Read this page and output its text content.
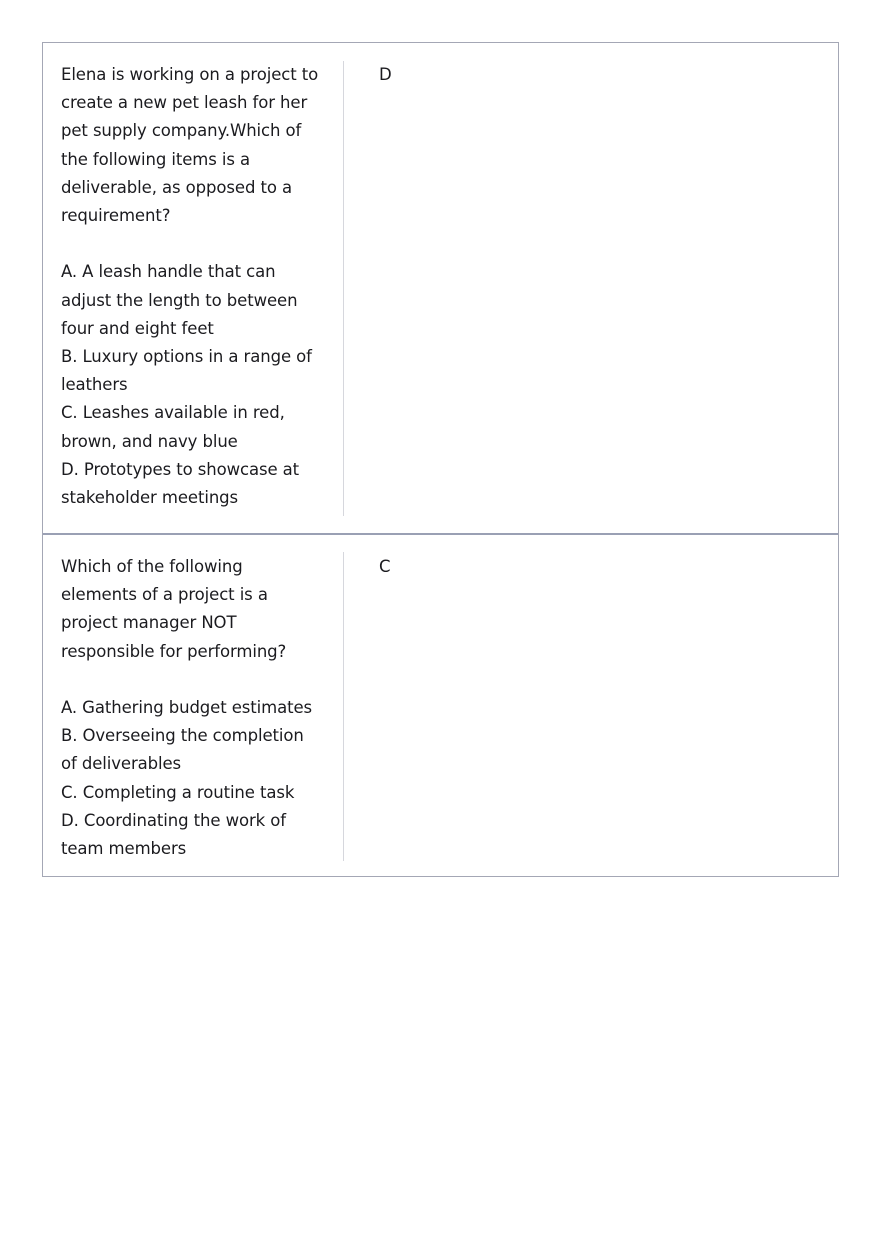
Elena is working on a project to
create a new pet leash for her
pet supply company.Which of
the following items is a
deliverable, as opposed to a
requirement?
A. A leash handle that can
adjust the length to between
four and eight feet
B. Luxury options in a range of
leathers
C. Leashes available in red,
brown, and navy blue
D. Prototypes to showcase at
stakeholder meetings
D
Which of the following
elements of a project is a
project manager NOT
responsible for performing?
A. Gathering budget estimates
B. Overseeing the completion
of deliverables
C. Completing a routine task
D. Coordinating the work of
team members
C
